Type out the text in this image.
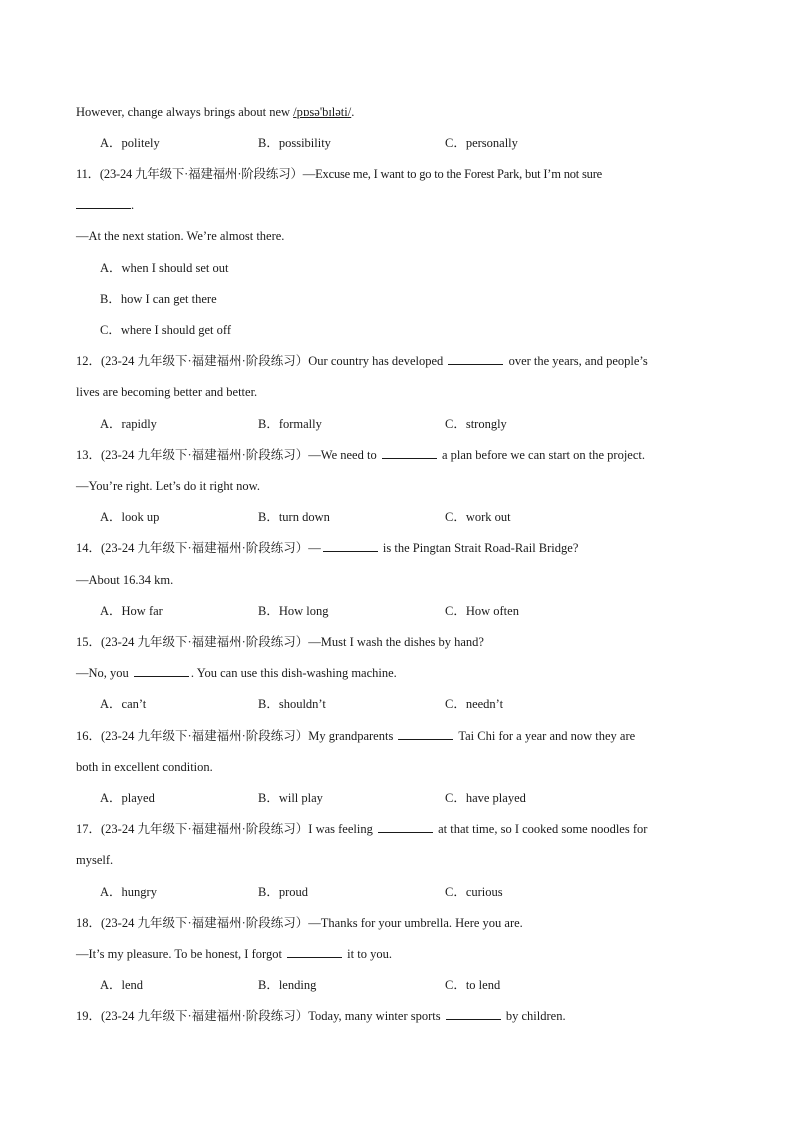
However, change always brings about new /pɒsə'bɪləti/.
A．politely	B．possibility	C．personally
11．(23-24 九年级下·福建福州·阶段练习）—Excuse me, I want to go to the Forest Park, but I’m not sure
.
—At the next station. We’re almost there.
A．when I should set out
B．how I can get there
C．where I should get off
12．(23-24 九年级下·福建福州·阶段练习）Our country has developed	over the years, and people’s
lives are becoming better and better.
A．rapidly	B．formally	C．strongly
13．(23-24 九年级下·福建福州·阶段练习）—We need to	a plan before we can start on the project.
—You’re right. Let’s do it right now.
A．look up	B．turn down	C．work out
14．(23-24 九年级下·福建福州·阶段练习）—	is the Pingtan Strait Road-Rail Bridge?
—About 16.34 km.
A．How far	B．How long	C．How often
15．(23-24 九年级下·福建福州·阶段练习）—Must I wash the dishes by hand?
—No, you	. You can use this dish-washing machine.
A．can’t	B．shouldn’t	C．needn’t
16．(23-24 九年级下·福建福州·阶段练习）My grandparents	Tai Chi for a year and now they are
both in excellent condition.
A．played	B．will play	C．have played
17．(23-24 九年级下·福建福州·阶段练习）I was feeling	at that time, so I cooked some noodles for
myself.
A．hungry	B．proud	C．curious
18．(23-24 九年级下·福建福州·阶段练习）—Thanks for your umbrella. Here you are.
—It’s my pleasure. To be honest, I forgot	it to you.
A．lend	B．lending	C．to lend
19．(23-24 九年级下·福建福州·阶段练习）Today, many winter sports	by children.
